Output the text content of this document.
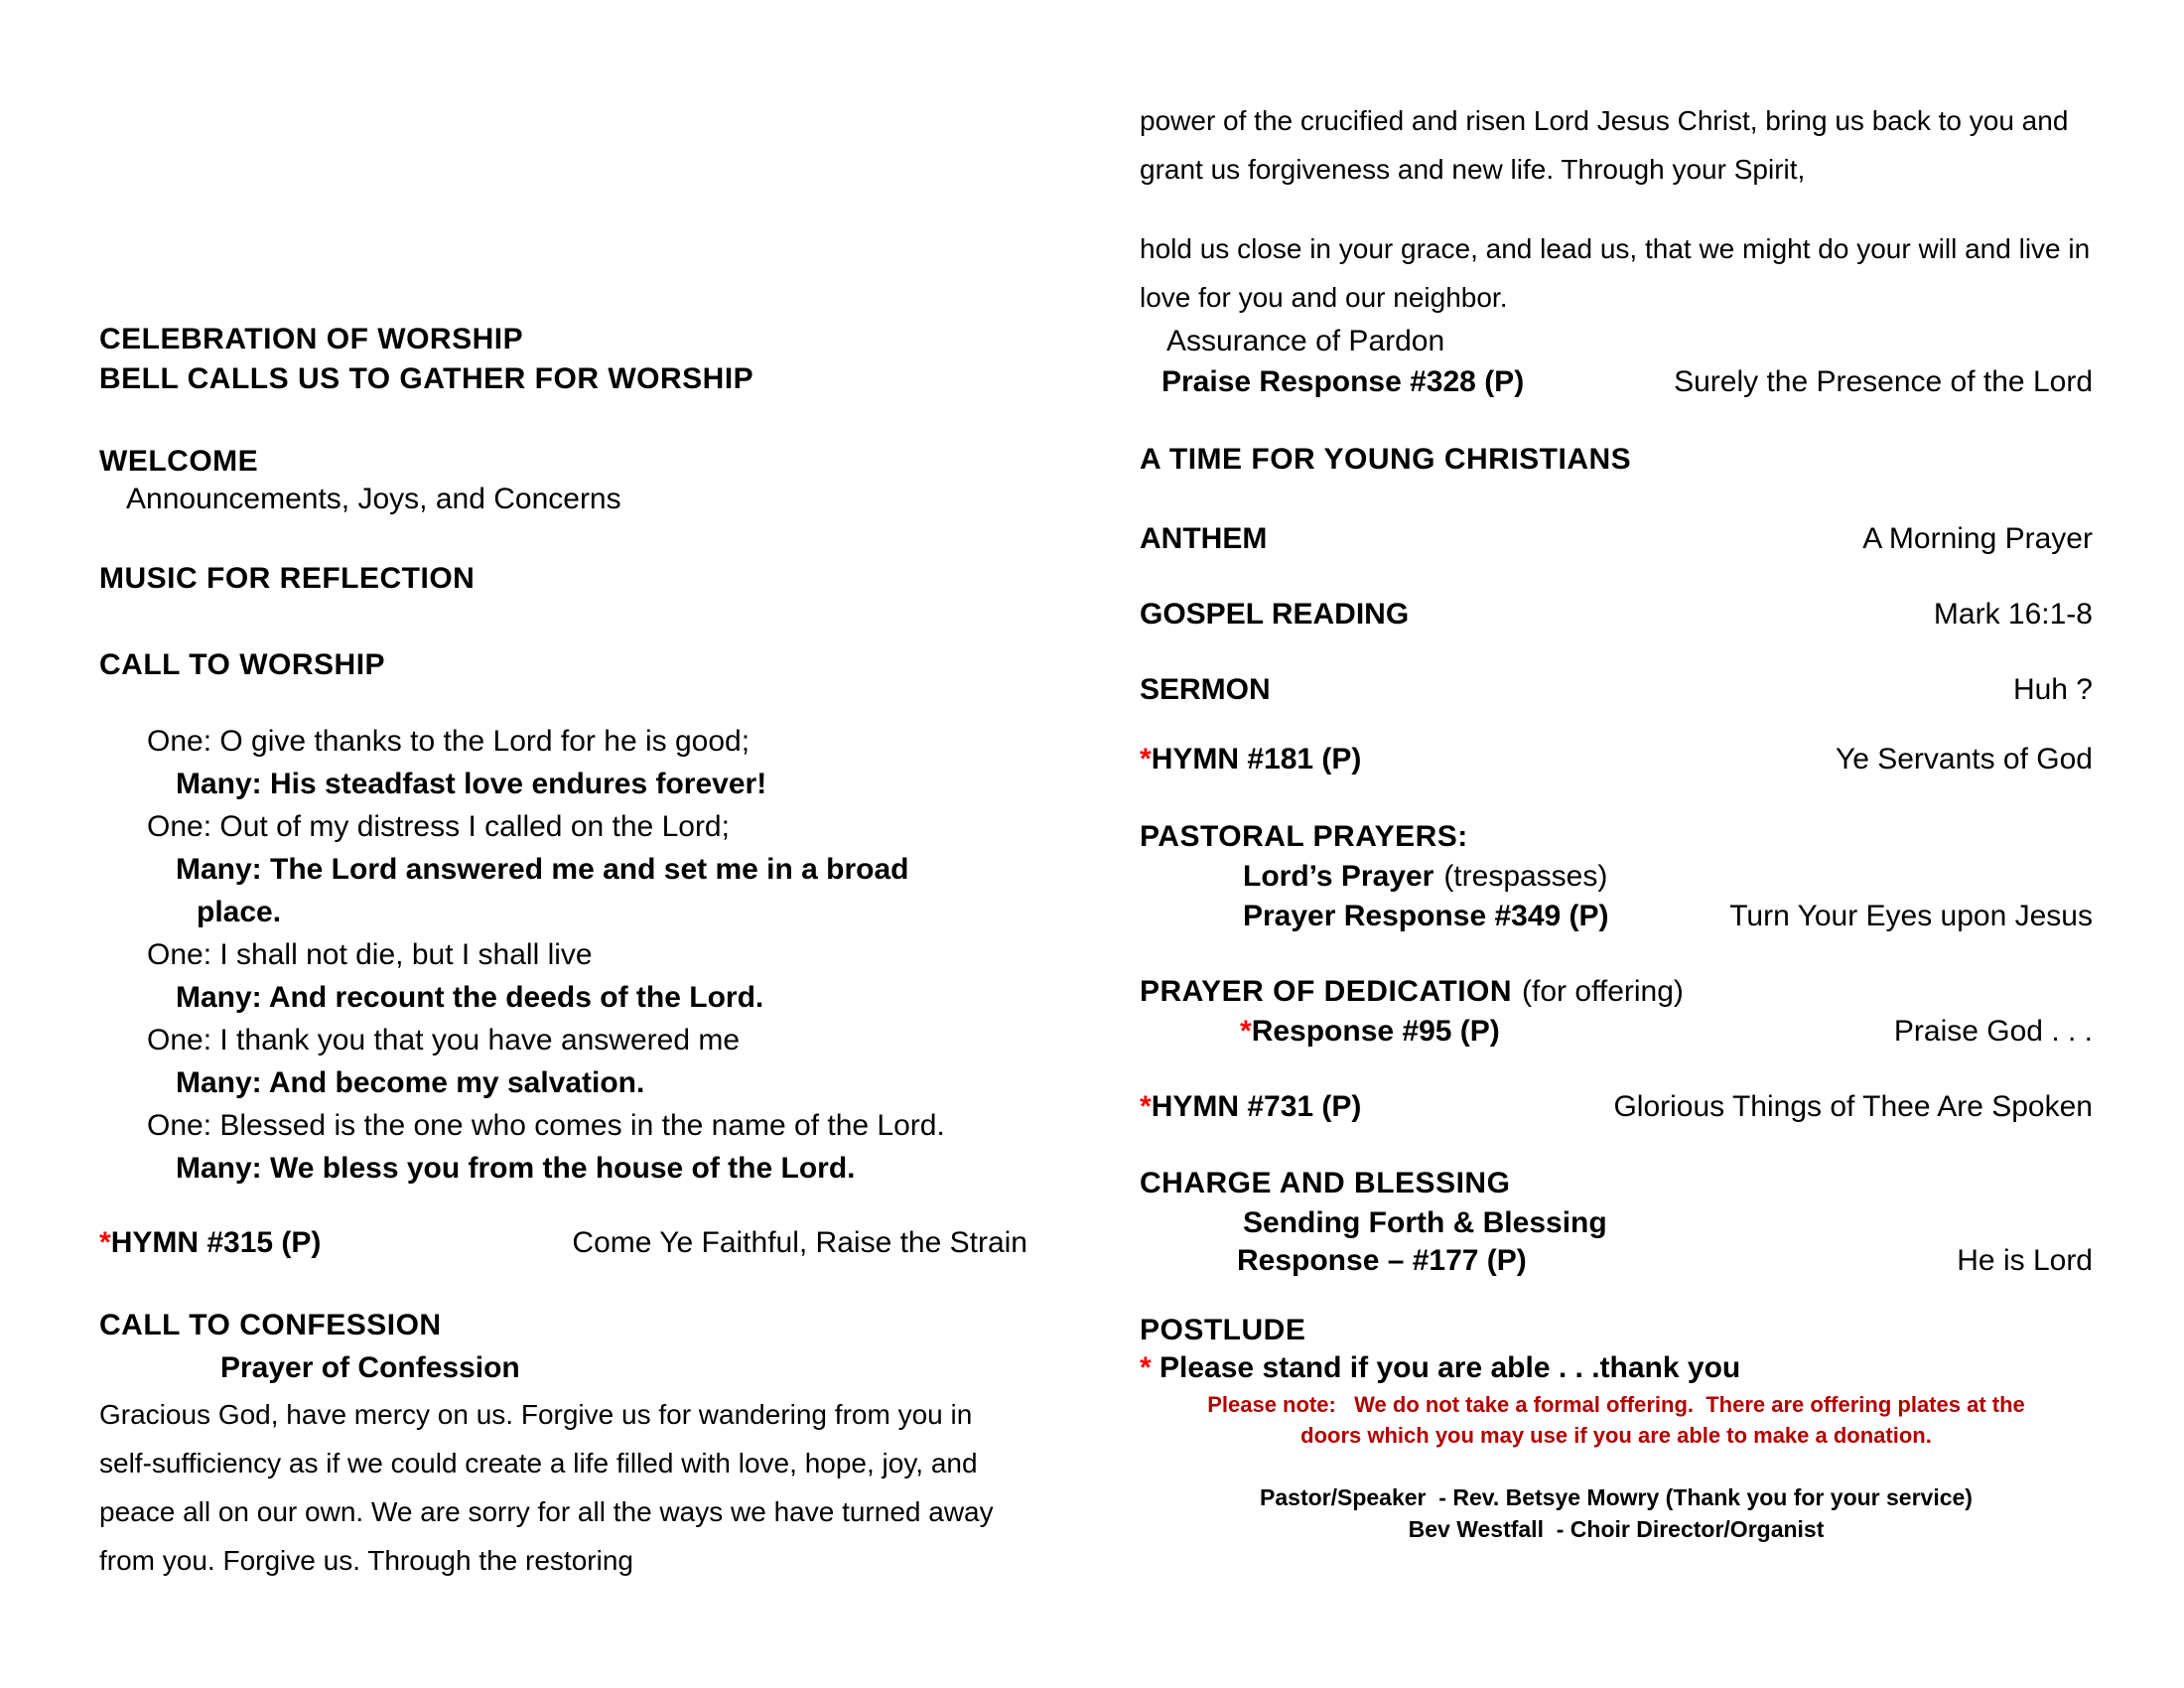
CELEBRATION OF WORSHIP
BELL CALLS US TO GATHER FOR WORSHIP
WELCOME
Announcements, Joys, and Concerns
MUSIC FOR REFLECTION
CALL TO WORSHIP
One: O give thanks to the Lord for he is good;
Many: His steadfast love endures forever!
One: Out of my distress I called on the Lord;
Many: The Lord answered me and set me in a broad
place.
One: I shall not die, but I shall live
Many: And recount the deeds of the Lord.
One: I thank you that you have answered me
Many: And become my salvation.
One: Blessed is the one who comes in the name of the Lord.
Many: We bless you from the house of the Lord.
*HYMN #315 (P)	Come Ye Faithful, Raise the Strain
CALL TO CONFESSION
Prayer of Confession
Gracious God, have mercy on us. Forgive us for wandering from you in self-sufficiency as if we could create a life filled with love, hope, joy, and peace all on our own. We are sorry for all the ways we have turned away from you. Forgive us. Through the restoring
power of the crucified and risen Lord Jesus Christ, bring us back to you and grant us forgiveness and new life. Through your Spirit,
hold us close in your grace, and lead us, that we might do your will and live in love for you and our neighbor.
Assurance of Pardon
Praise Response #328 (P)	Surely the Presence of the Lord
A TIME FOR YOUNG CHRISTIANS
ANTHEM	A Morning Prayer
GOSPEL READING	Mark 16:1-8
SERMON	Huh ?
*HYMN #181 (P)	Ye Servants of God
PASTORAL PRAYERS:
Lord’s Prayer (trespasses)
Prayer Response #349 (P)	Turn Your Eyes upon Jesus
PRAYER OF DEDICATION (for offering)
*Response #95 (P)	Praise God . . .
*HYMN #731 (P)	Glorious Things of Thee Are Spoken
CHARGE AND BLESSING
Sending Forth & Blessing
Response – #177 (P)	He is Lord
POSTLUDE
* Please stand if you are able . . .thank you
Please note:   We do not take a formal offering.  There are offering plates at the
doors which you may use if you are able to make a donation.
Pastor/Speaker  - Rev. Betsye Mowry (Thank you for your service)
Bev Westfall  - Choir Director/Organist
